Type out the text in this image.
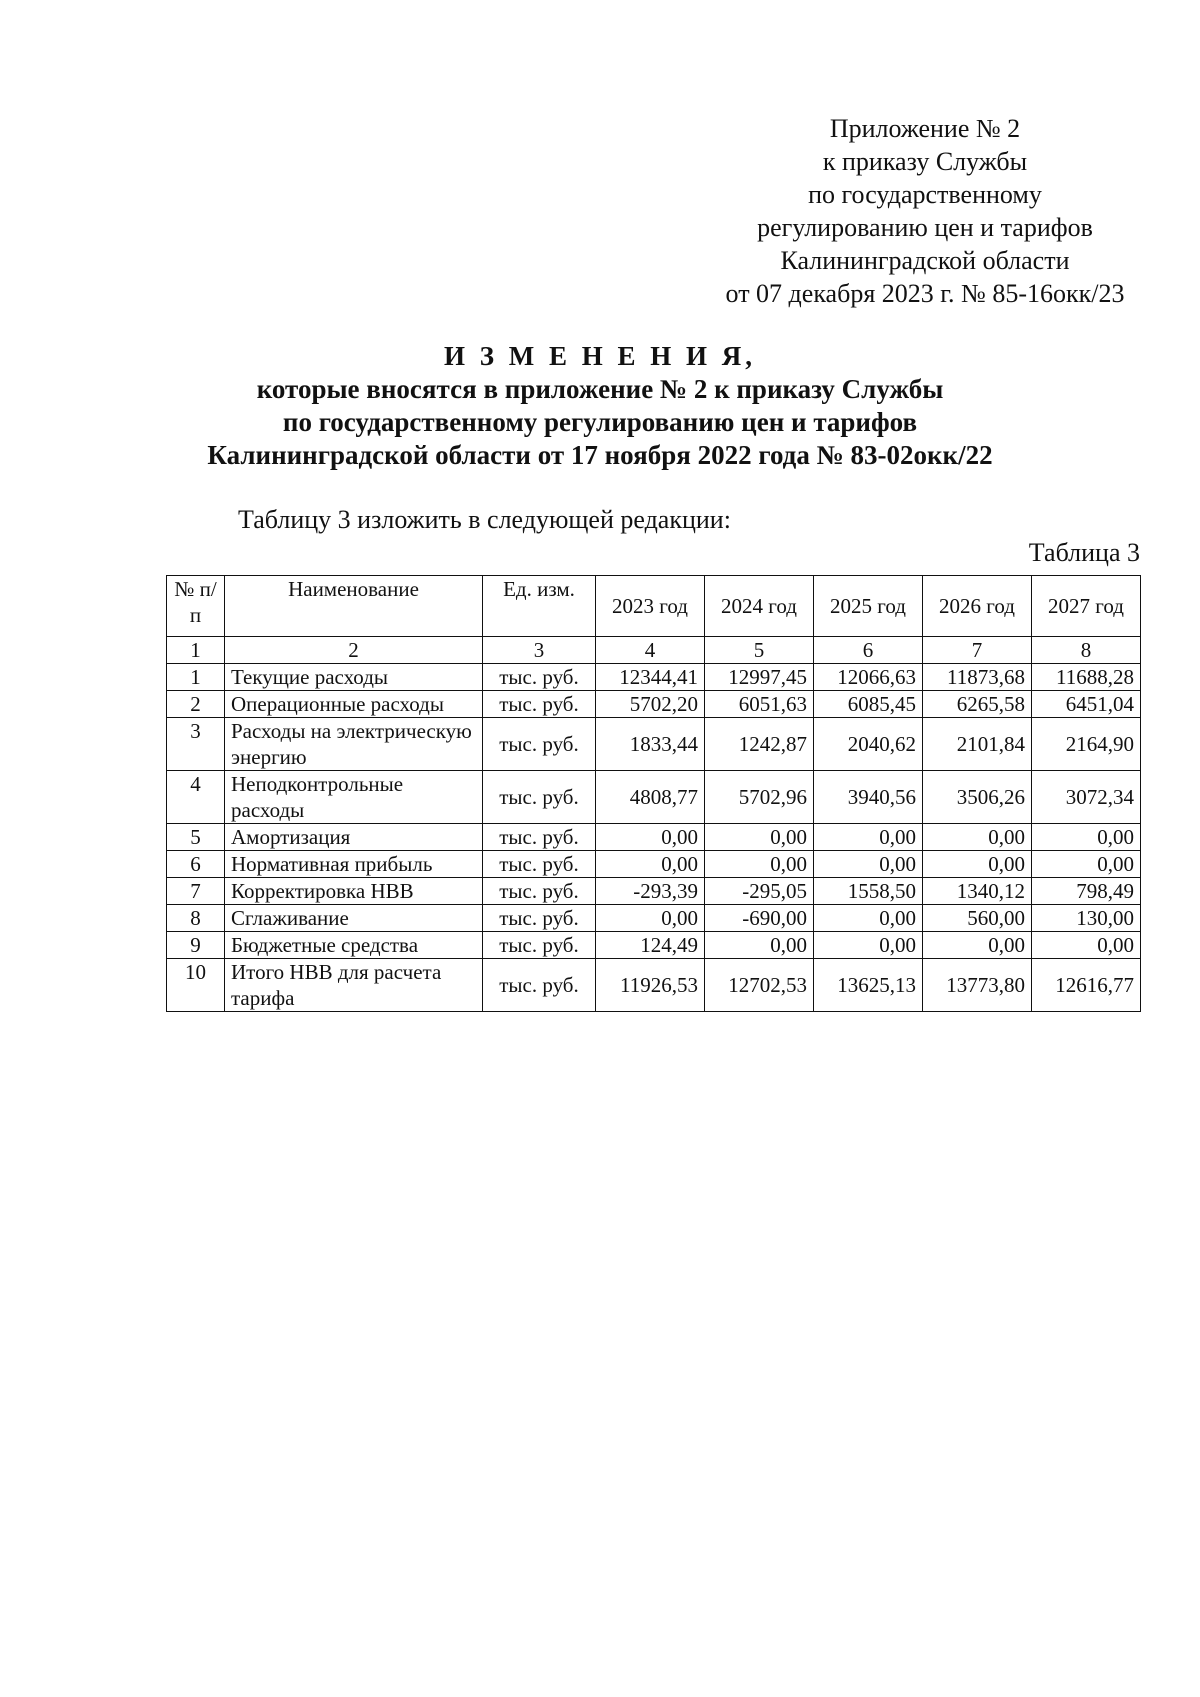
Приложение № 2
к приказу Службы
по государственному
регулированию цен и тарифов
Калининградской области
от 07 декабря 2023 г. № 85-16окк/23
И З М Е Н Е Н И Я,
которые вносятся в приложение № 2 к приказу Службы
по государственному регулированию цен и тарифов
Калининградской области от 17 ноября 2022 года № 83-02окк/22
Таблицу 3 изложить в следующей редакции:
Таблица 3
№ п/п	Наименование	Ед. изм.	2023 год	2024 год	2025 год	2026 год	2027 год
1	2	3	4	5	6	7	8
1	Текущие расходы	тыс. руб.	12344,41	12997,45	12066,63	11873,68	11688,28
2	Операционные расходы	тыс. руб.	5702,20	6051,63	6085,45	6265,58	6451,04
3	Расходы на электрическую энергию	тыс. руб.	1833,44	1242,87	2040,62	2101,84	2164,90
4	Неподконтрольные расходы	тыс. руб.	4808,77	5702,96	3940,56	3506,26	3072,34
5	Амортизация	тыс. руб.	0,00	0,00	0,00	0,00	0,00
6	Нормативная прибыль	тыс. руб.	0,00	0,00	0,00	0,00	0,00
7	Корректировка НВВ	тыс. руб.	-293,39	-295,05	1558,50	1340,12	798,49
8	Сглаживание	тыс. руб.	0,00	-690,00	0,00	560,00	130,00
9	Бюджетные средства	тыс. руб.	124,49	0,00	0,00	0,00	0,00
10	Итого НВВ для расчета тарифа	тыс. руб.	11926,53	12702,53	13625,13	13773,80	12616,77
